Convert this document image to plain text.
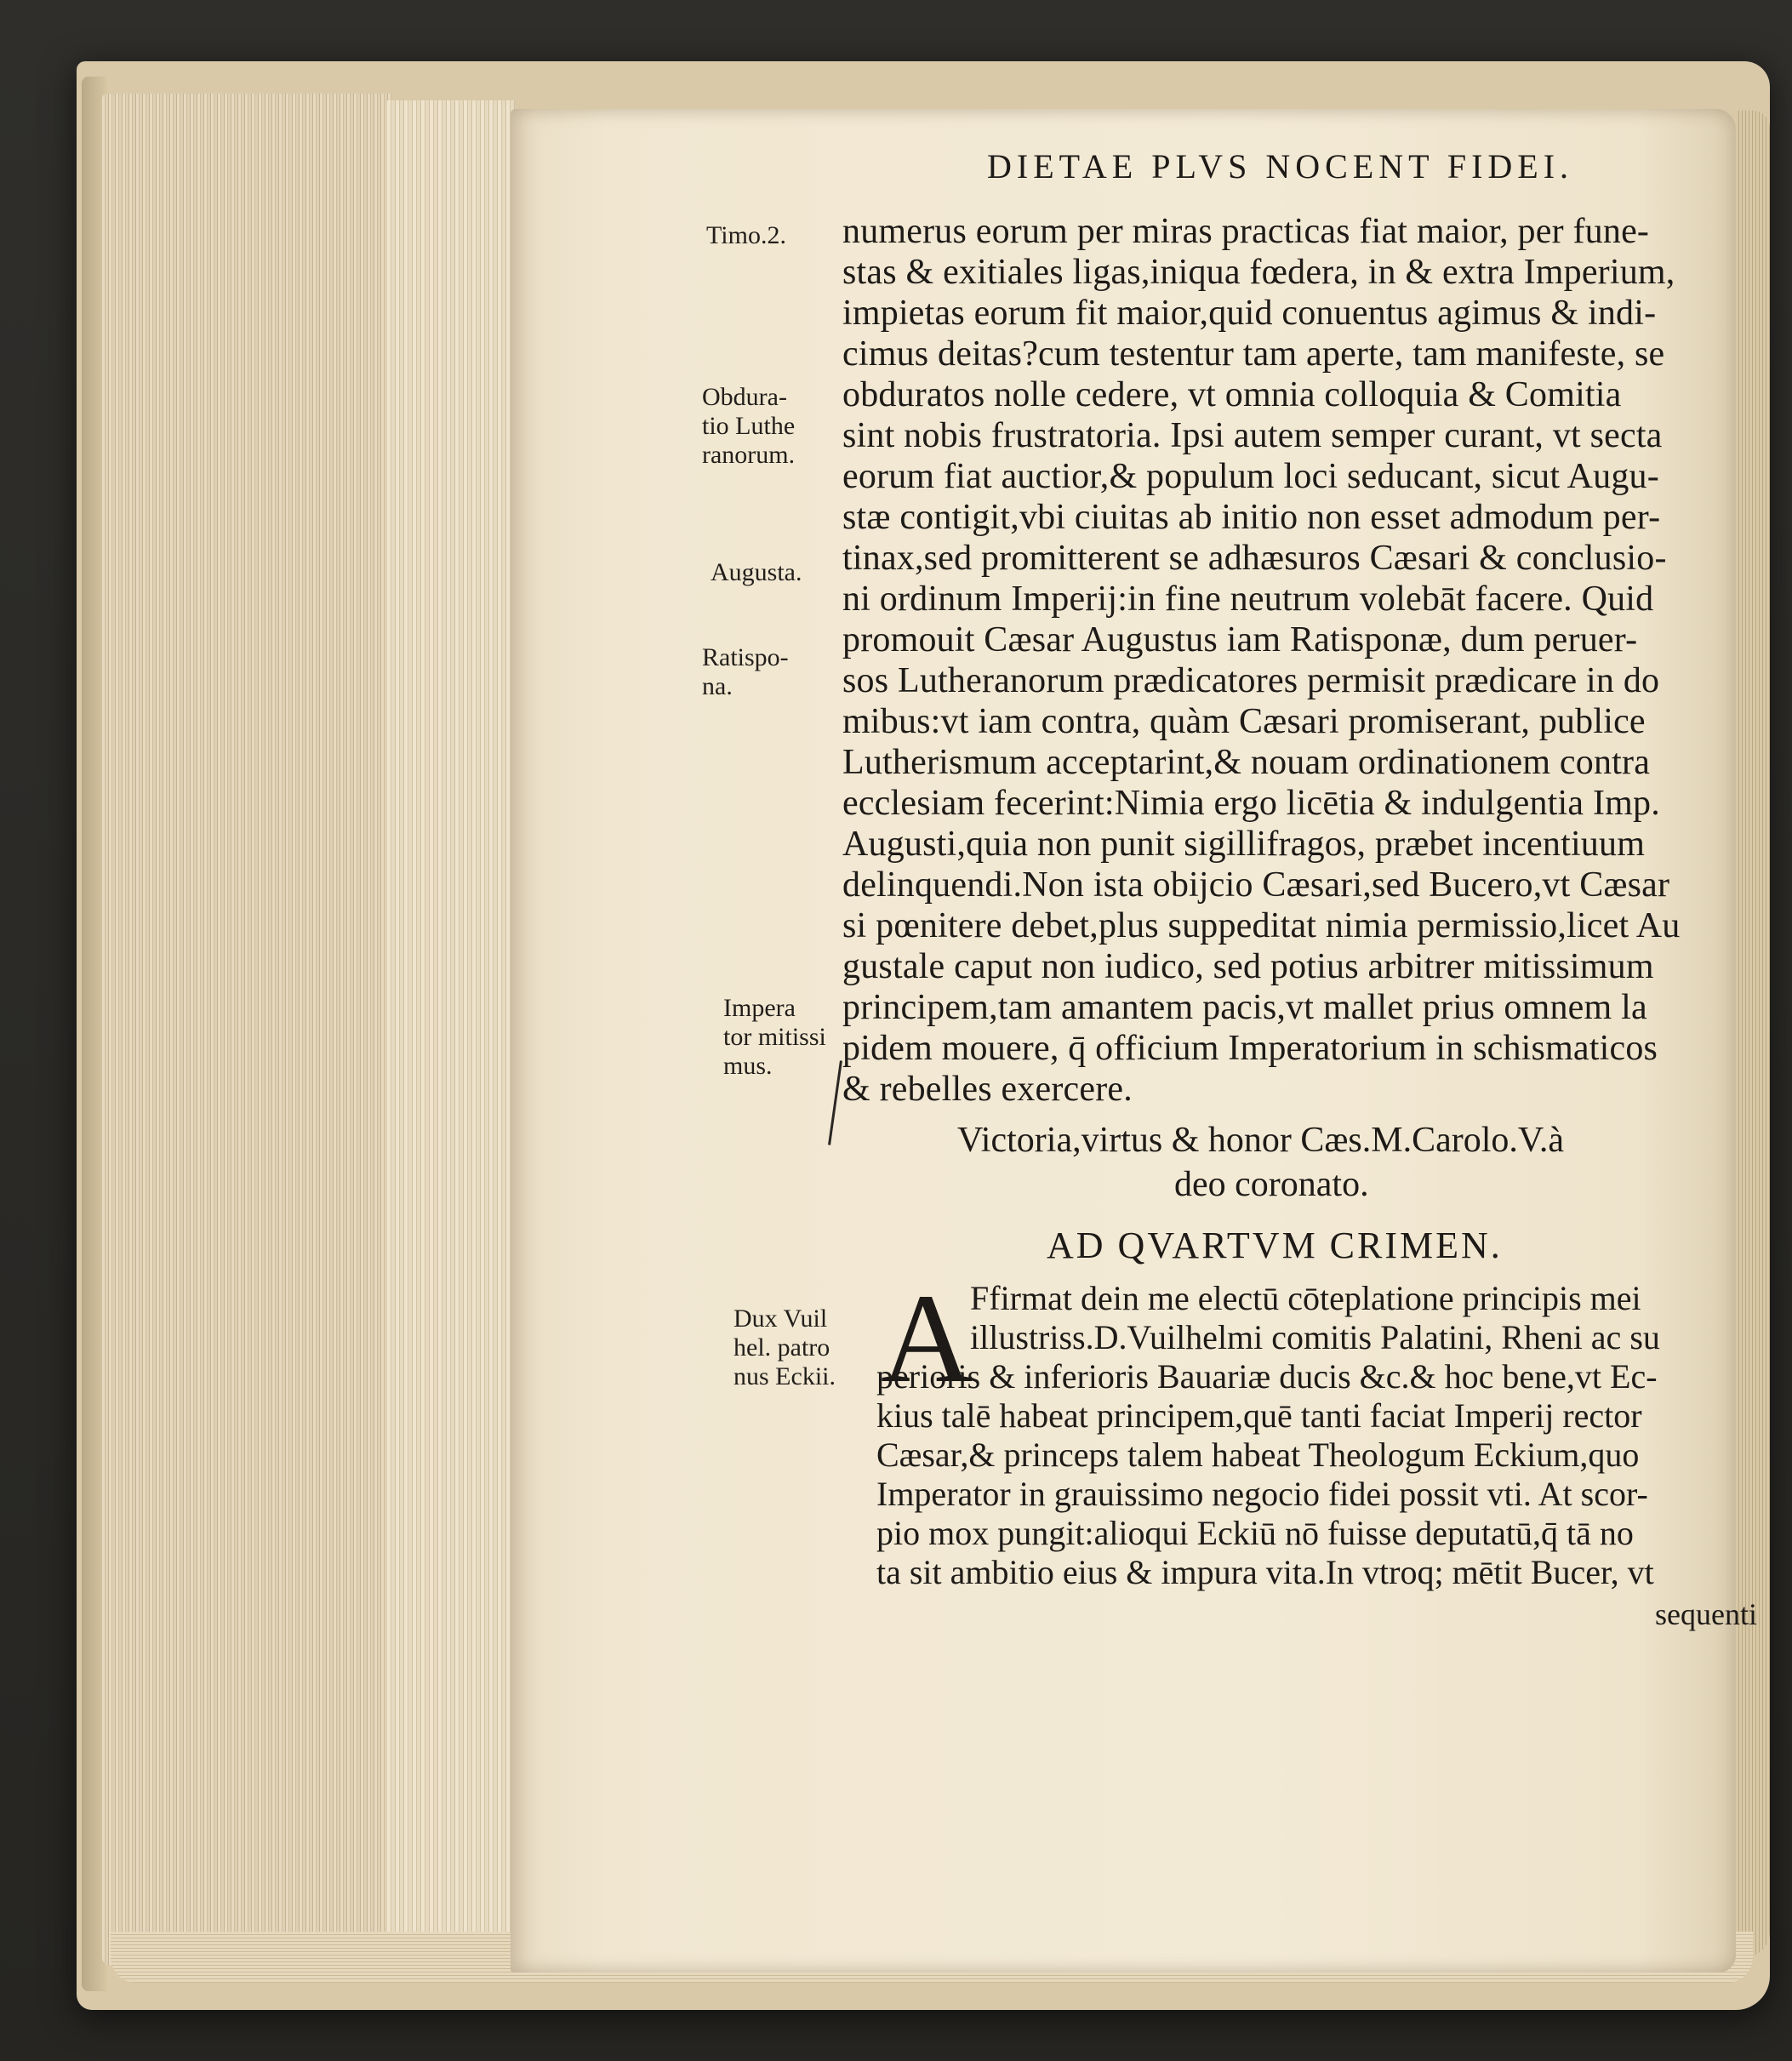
DIETAE PLVS NOCENT FIDEI.
Timo.2.
Obdura-
tio Luthe
ranorum.
Augusta.
Ratispo-
na.
Impera
tor mitissi
mus.
Dux Vuil
hel. patro
nus Eckii.
numerus eorum per miras practicas fiat maior, per fune-
stas & exitiales ligas,iniqua fœdera, in & extra Imperium,
impietas eorum fit maior,quid conuentus agimus & indi-
cimus deitas?cum testentur tam aperte, tam manifeste, se
obduratos nolle cedere, vt omnia colloquia & Comitia
sint nobis frustratoria. Ipsi autem semper curant, vt secta
eorum fiat auctior,& populum loci seducant, sicut Augu-
stæ contigit,vbi ciuitas ab initio non esset admodum per-
tinax,sed promitterent se adhæsuros Cæsari & conclusio-
ni ordinum Imperij:in fine neutrum volebāt facere. Quid
promouit Cæsar Augustus iam Ratisponæ, dum peruer-
sos Lutheranorum prædicatores permisit prædicare in do
mibus:vt iam contra, quàm Cæsari promiserant, publice
Lutherismum acceptarint,& nouam ordinationem contra
ecclesiam fecerint:Nimia ergo licētia & indulgentia Imp.
Augusti,quia non punit sigillifragos, præbet incentiuum
delinquendi.Non ista obijcio Cæsari,sed Bucero,vt Cæsar
si pœnitere debet,plus suppeditat nimia permissio,licet Au
gustale caput non iudico, sed potius arbitrer mitissimum
principem,tam amantem pacis,vt mallet prius omnem la
pidem mouere, q̄ officium Imperatorium in schismaticos
& rebelles exercere.
Victoria,virtus & honor Cæs.M.Carolo.V.à
deo coronato.
AD QVARTVM CRIMEN.
A
Ffirmat dein me electū cōteplatione principis mei
illustriss.D.Vuilhelmi comitis Palatini, Rheni ac su
perioris & inferioris Bauariæ ducis &c.& hoc bene,vt Ec-
kius talē habeat principem,quē tanti faciat Imperij rector
Cæsar,& princeps talem habeat Theologum Eckium,quo
Imperator in grauissimo negocio fidei possit vti. At scor-
pio mox pungit:alioqui Eckiū nō fuisse deputatū,q̄ tā no
ta sit ambitio eius & impura vita.In vtroq; mētit Bucer, vt
sequenti
